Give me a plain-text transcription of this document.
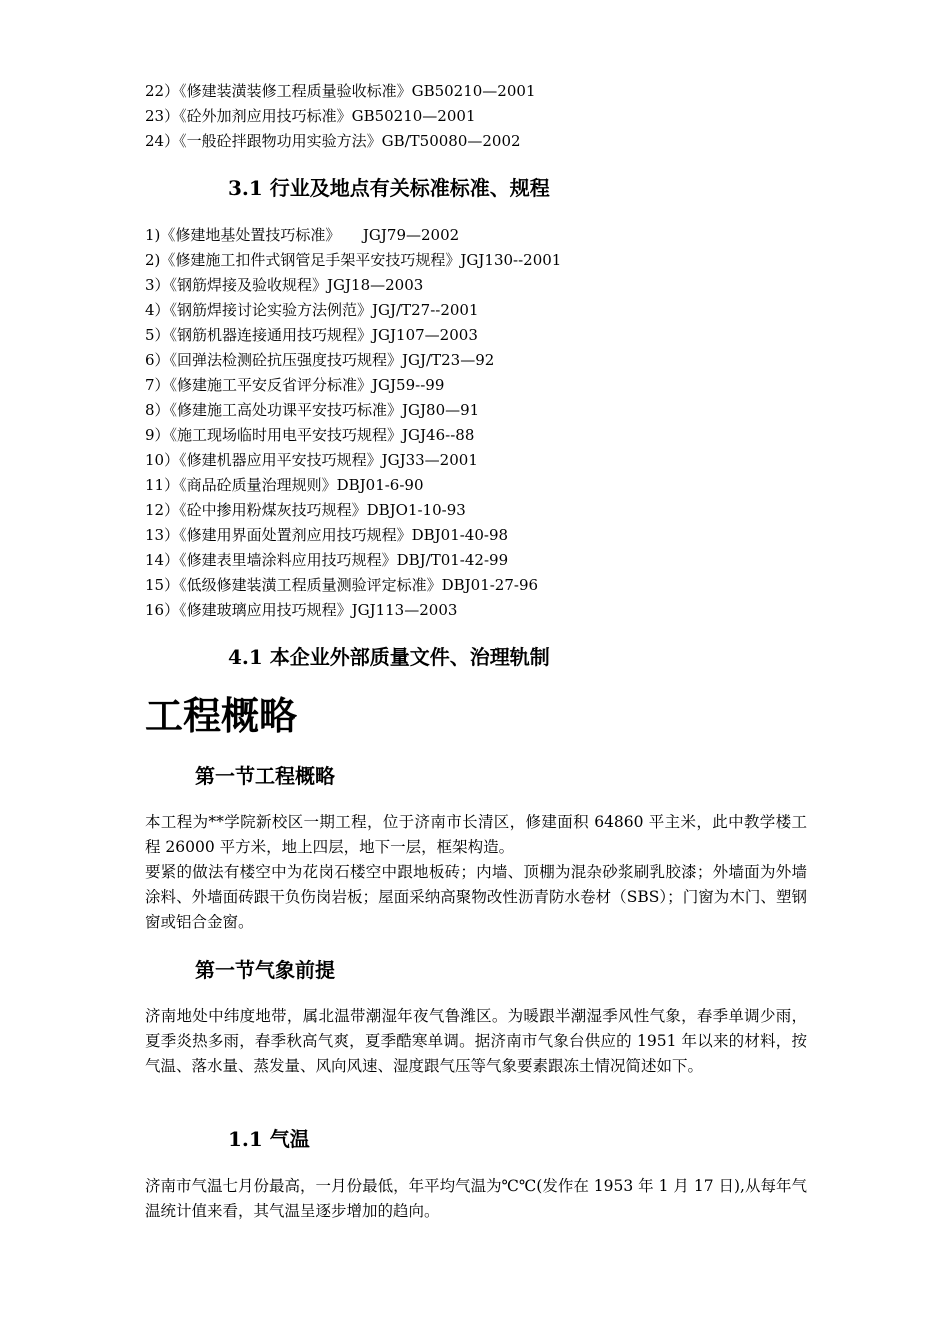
22）《修建装潢装修工程质量验收标准》GB50210—2001
23）《砼外加剂应用技巧标准》GB50210—2001
24）《一般砼拌跟物功用实验方法》GB/T50080—2002
3.1 行业及地点有关标准标准、规程
1)《修建地基处置技巧标准》　　JGJ79—2002
2)《修建施工扣件式钢管足手架平安技巧规程》JGJ130--2001
3）《钢筋焊接及验收规程》JGJ18—2003
4）《钢筋焊接讨论实验方法例范》JGJ/T27--2001
5）《钢筋机器连接通用技巧规程》JGJ107—2003
6）《回弹法检测砼抗压强度技巧规程》JGJ/T23—92
7）《修建施工平安反省评分标准》JGJ59--99
8）《修建施工高处功课平安技巧标准》JGJ80—91
9）《施工现场临时用电平安技巧规程》JGJ46--88
10）《修建机器应用平安技巧规程》JGJ33—2001
11）《商品砼质量治理规则》DBJ01-6-90
12）《砼中掺用粉煤灰技巧规程》DBJO1-10-93
13）《修建用界面处置剂应用技巧规程》DBJ01-40-98
14）《修建表里墙涂料应用技巧规程》DBJ/T01-42-99
15）《低级修建装潢工程质量测验评定标准》DBJ01-27-96
16）《修建玻璃应用技巧规程》JGJ113—2003
4.1 本企业外部质量文件、治理轨制
工程概略
第一节工程概略
本工程为**学院新校区一期工程，位于济南市长清区，修建面积 64860 平主米，此中教学楼工程 26000 平方米，地上四层，地下一层，框架构造。
要紧的做法有楼空中为花岗石楼空中跟地板砖；内墙、顶棚为混杂砂浆刷乳胶漆；外墙面为外墙涂料、外墙面砖跟干负伤岗岩板；屋面采纳高聚物改性沥青防水卷材（SBS）；门窗为木门、塑钢窗或铝合金窗。
第一节气象前提
济南地处中纬度地带，属北温带潮湿年夜气鲁潍区。为暖跟半潮湿季风性气象，春季单调少雨，夏季炎热多雨，春季秋高气爽，夏季酷寒单调。据济南市气象台供应的 1951 年以来的材料，按气温、落水量、蒸发量、风向风速、湿度跟气压等气象要素跟冻土情况简述如下。
1.1 气温
济南市气温七月份最高，一月份最低，年平均气温为℃℃(发作在 1953 年 1 月 17 日),从每年气温统计值来看，其气温呈逐步增加的趋向。
